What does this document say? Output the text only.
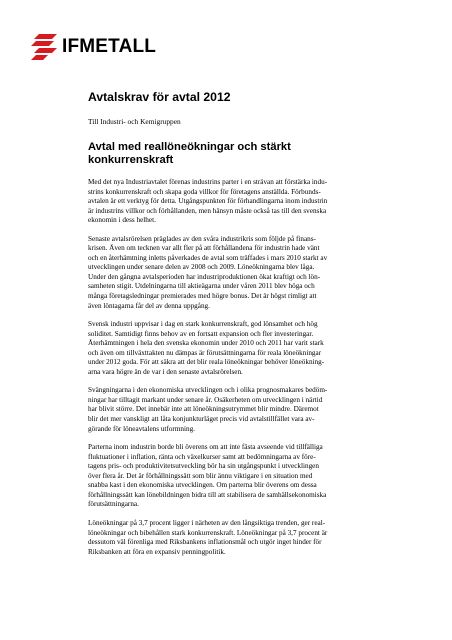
IFMETALL
Avtalskrav för avtal 2012
Till Industri- och Kemigruppen
Avtal med reallöneökningar och stärkt konkurrenskraft

Med det nya Industriavtalet förenas industrins parter i en strävan att förstärka indu-
strins konkurrenskraft och skapa goda villkor för företagens anställda. Förbunds-
avtalen är ett verktyg för detta. Utgångspunkten för förhandlingarna inom industrin
är industrins villkor och förhållanden, men hänsyn måste också tas till den svenska
ekonomin i dess helhet.

Senaste avtalsrörelsen präglades av den svåra industrikris som följde på finans-
krisen. Även om tecknen var allt fler på att förhållandena för industrin hade vänt
och en återhämtning inletts påverkades de avtal som träffades i mars 2010 starkt av
utvecklingen under senare delen av 2008 och 2009. Löneökningarna blev låga.
Under den gångna avtalsperioden har industriproduktionen ökat kraftigt och lön-
samheten stigit. Utdelningarna till aktieägarna under våren 2011 blev höga och
många företagsledningar premierades med högre bonus. Det är högst rimligt att
även löntagarna får del av denna uppgång.

Svensk industri uppvisar i dag en stark konkurrenskraft, god lönsamhet och hög
soliditet. Samtidigt finns behov av en fortsatt expansion och fler investeringar.
Återhämtningen i hela den svenska ekonomin under 2010 och 2011 har varit stark
och även om tillväxttakten nu dämpas är förutsättningarna för reala löneökningar
under 2012 goda. För att säkra att det blir reala löneökningar behöver löneökning-
arna vara högre än de var i den senaste avtalsrörelsen.

Svängningarna i den ekonomiska utvecklingen och i olika prognosmakares bedöm-
ningar har tilltagit markant under senare år. Osäkerheten om utvecklingen i närtid
har blivit större. Det innebär inte att löneökningsutrymmet blir mindre. Däremot
blir det mer vanskligt att låta konjunkturläget precis vid avtalstillfället vara av-
görande för löneavtalens utformning.

Parterna inom industrin borde bli överens om att inte fästa avseende vid tillfälliga
fluktuationer i inflation, ränta och växelkurser samt att bedömningarna av före-
tagens pris- och produktivitetsutveckling bör ha sin utgångspunkt i utvecklingen
över flera år. Det är förhållningssätt som blir ännu viktigare i en situation med
snabba kast i den ekonomiska utvecklingen. Om parterna blir överens om dessa
förhållningssätt kan lönebildningen bidra till att stabilisera de samhällsekonomiska
förutsättningarna.

Löneökningar på 3,7 procent ligger i närheten av den långsiktiga trenden, ger real-
löneökningar och bibehållen stark konkurrenskraft. Löneökningar på 3,7 procent är
dessutom väl förenliga med Riksbankens inflationsmål och utgör inget hinder för
Riksbanken att föra en expansiv penningpolitik.
